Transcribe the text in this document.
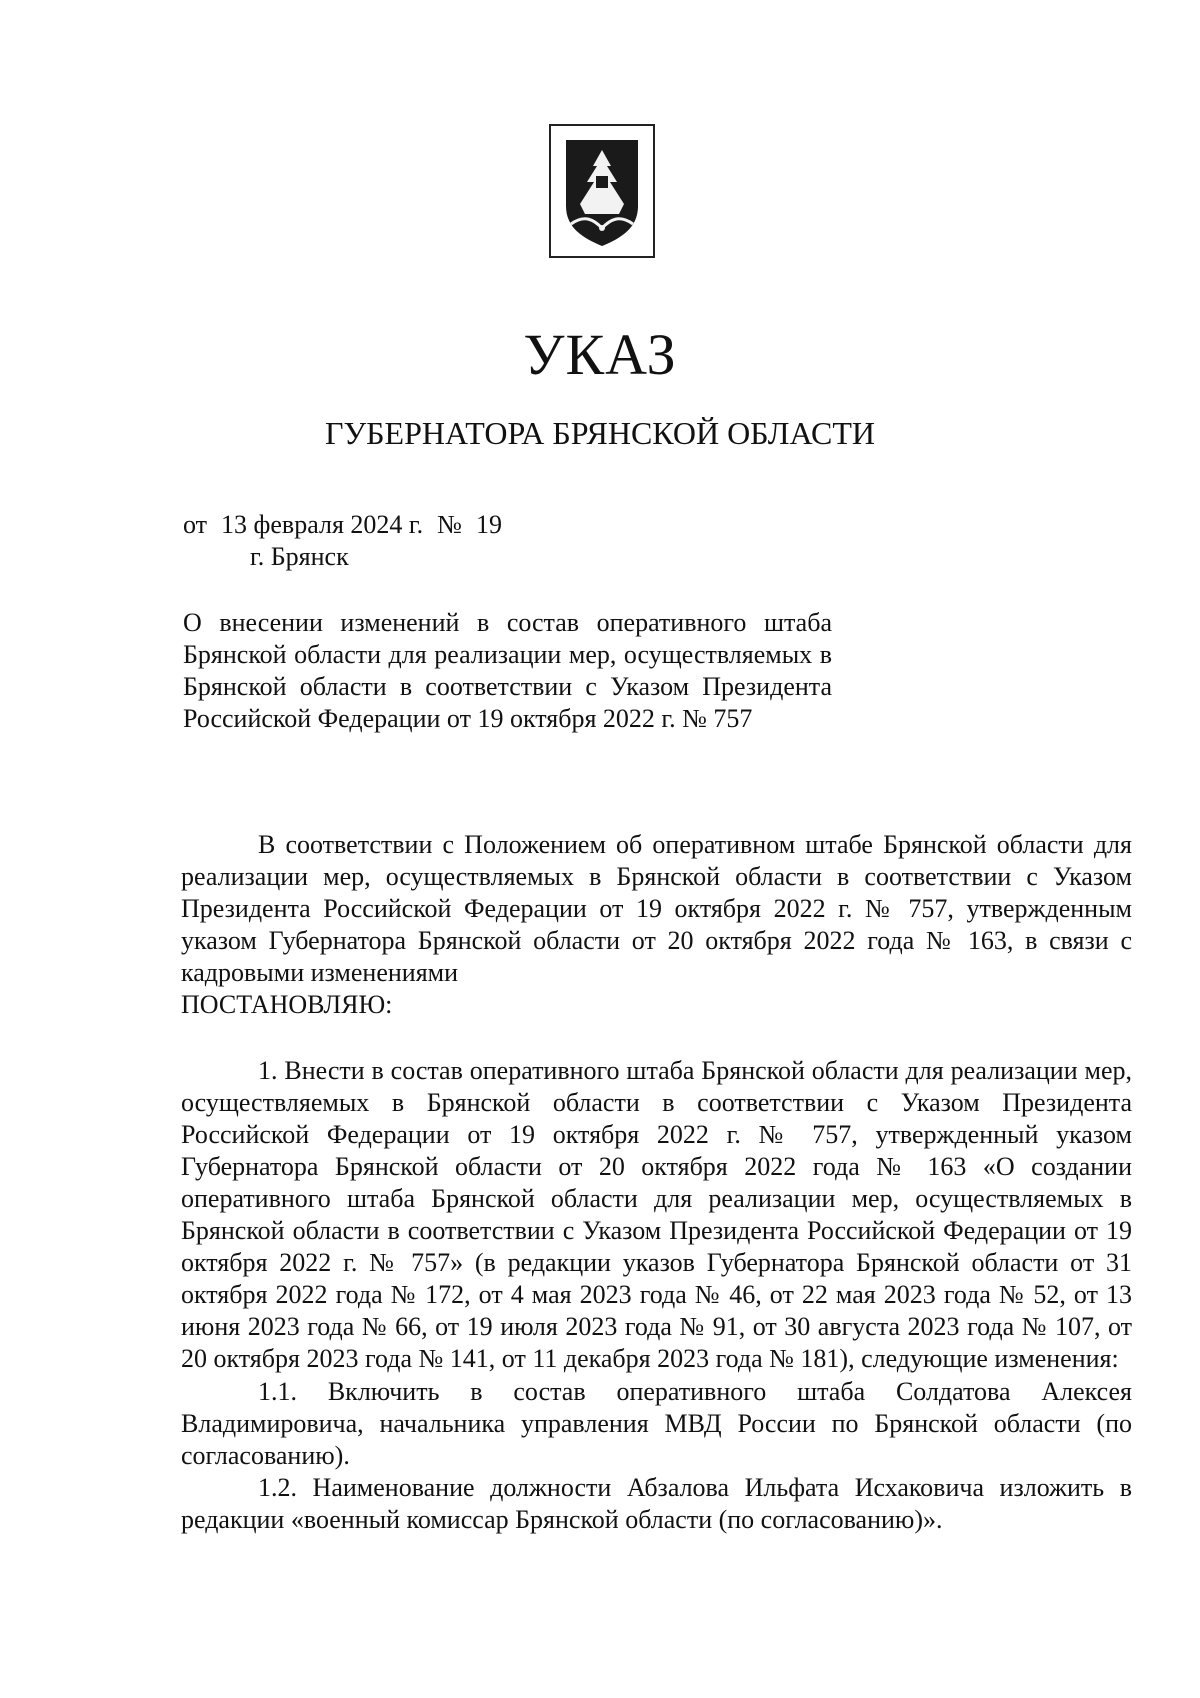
УКАЗ
ГУБЕРНАТОРА БРЯНСКОЙ ОБЛАСТИ
от 13 февраля 2024 г. № 19
г. Брянск
О внесении изменений в состав оперативного штаба Брянской области для реализации мер, осуществляемых в Брянской области в соответствии с Указом Президента Российской Федерации от 19 октября 2022 г. № 757

В соответствии с Положением об оперативном штабе Брянской области для реализации мер, осуществляемых в Брянской области в соответствии с Указом Президента Российской Федерации от 19 октября 2022 г. № 757, утвержденным указом Губернатора Брянской области от 20 октября 2022 года № 163, в связи с кадровыми изменениями

ПОСТАНОВЛЯЮ:

1. Внести в состав оперативного штаба Брянской области для реализации мер, осуществляемых в Брянской области в соответствии с Указом Президента Российской Федерации от 19 октября 2022 г. № 757, утвержденный указом Губернатора Брянской области от 20 октября 2022 года № 163 «О создании оперативного штаба Брянской области для реализации мер, осуществляемых в Брянской области в соответствии с Указом Президента Российской Федерации от 19 октября 2022 г. № 757» (в редакции указов Губернатора Брянской области от 31 октября 2022 года № 172, от 4 мая 2023 года № 46, от 22 мая 2023 года № 52, от 13 июня 2023 года № 66, от 19 июля 2023 года № 91, от 30 августа 2023 года № 107, от 20 октября 2023 года № 141, от 11 декабря 2023 года № 181), следующие изменения:

1.1. Включить в состав оперативного штаба Солдатова Алексея Владимировича, начальника управления МВД России по Брянской области (по согласованию).

1.2. Наименование должности Абзалова Ильфата Исхаковича изложить в редакции «военный комиссар Брянской области (по согласованию)».
